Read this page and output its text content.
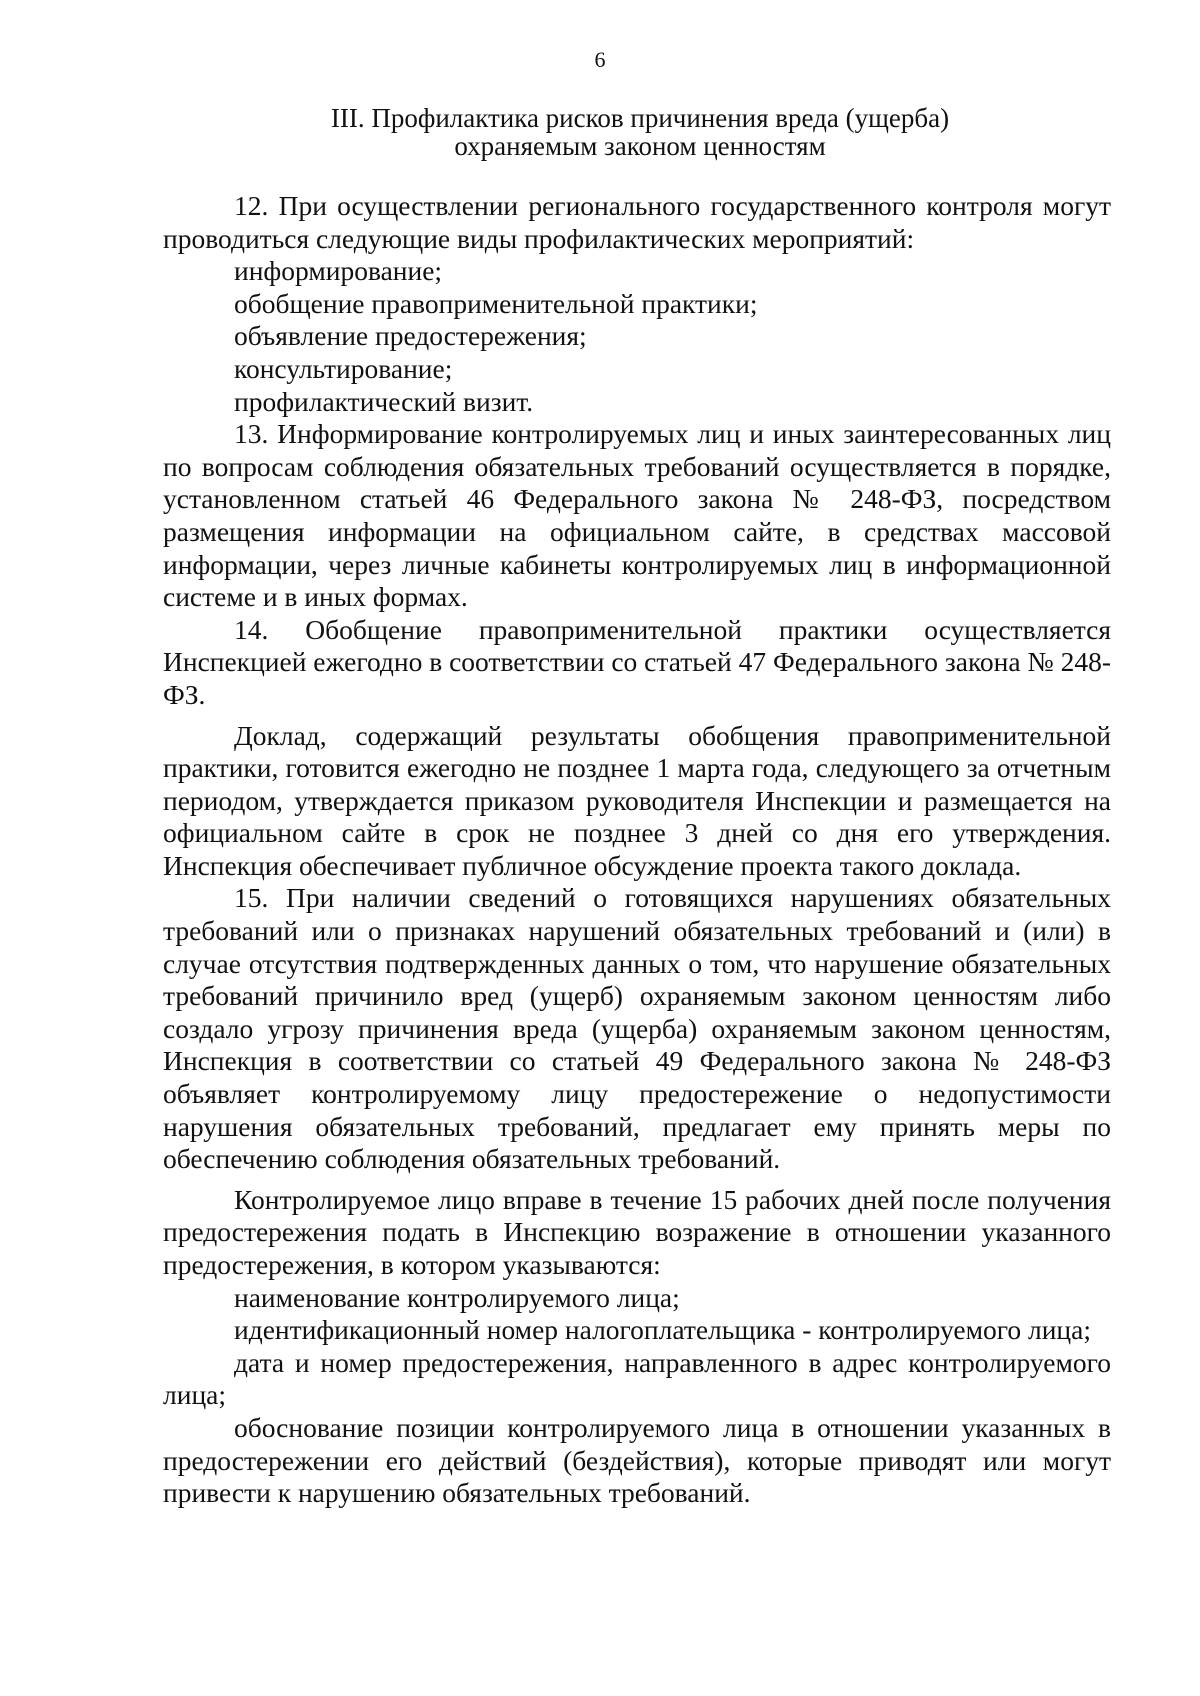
6
III. Профилактика рисков причинения вреда (ущерба)
охраняемым законом ценностям

12. При осуществлении регионального государственного контроля могут проводиться следующие виды профилактических мероприятий:

информирование;

обобщение правоприменительной практики;

объявление предостережения;

консультирование;

профилактический визит.

13. Информирование контролируемых лиц и иных заинтересованных лиц по вопросам соблюдения обязательных требований осуществляется в порядке, установленном статьей 46 Федерального закона № 248-ФЗ, посредством размещения информации на официальном сайте, в средствах массовой информации, через личные кабинеты контролируемых лиц в информационной системе и в иных формах.

14. Обобщение правоприменительной практики осуществляется Инспекцией ежегодно в соответствии со статьей 47 Федерального закона № 248-ФЗ.

Доклад, содержащий результаты обобщения правоприменительной практики, готовится ежегодно не позднее 1 марта года, следующего за отчетным периодом, утверждается приказом руководителя Инспекции и размещается на официальном сайте в срок не позднее 3 дней со дня его утверждения. Инспекция обеспечивает публичное обсуждение проекта такого доклада.

15. При наличии сведений о готовящихся нарушениях обязательных требований или о признаках нарушений обязательных требований и (или) в случае отсутствия подтвержденных данных о том, что нарушение обязательных требований причинило вред (ущерб) охраняемым законом ценностям либо создало угрозу причинения вреда (ущерба) охраняемым законом ценностям, Инспекция в соответствии со статьей 49 Федерального закона № 248-ФЗ объявляет контролируемому лицу предостережение о недопустимости нарушения обязательных требований, предлагает ему принять меры по обеспечению соблюдения обязательных требований.

Контролируемое лицо вправе в течение 15 рабочих дней после получения предостережения подать в Инспекцию возражение в отношении указанного предостережения, в котором указываются:

наименование контролируемого лица;

идентификационный номер налогоплательщика - контролируемого лица;

дата и номер предостережения, направленного в адрес контролируемого лица;

обоснование позиции контролируемого лица в отношении указанных в предостережении его действий (бездействия), которые приводят или могут привести к нарушению обязательных требований.
